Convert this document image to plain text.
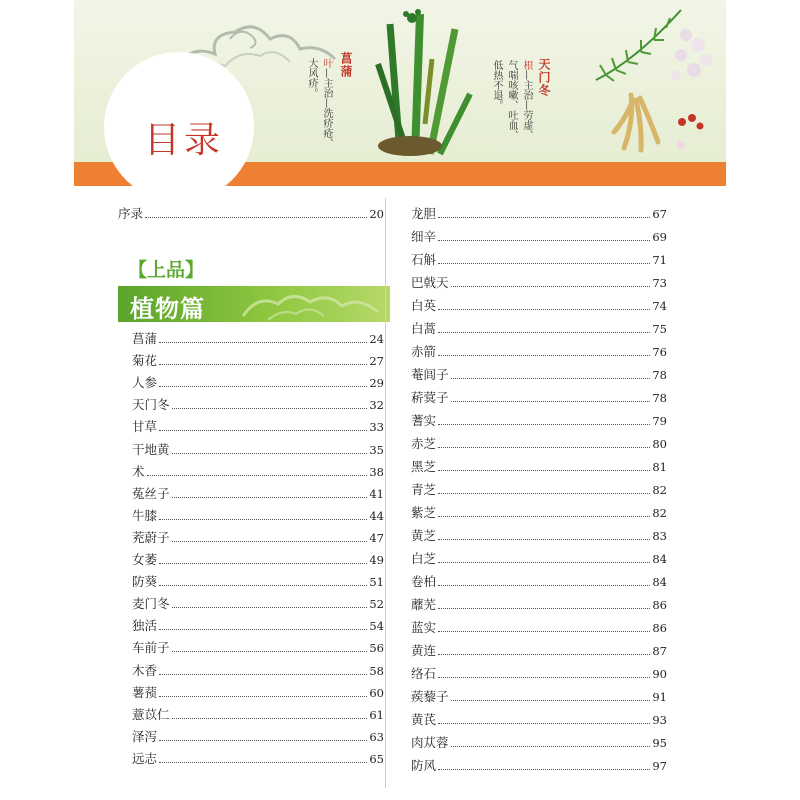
菖蒲
叶—主治—洗疥疮、
大风疥。	天门冬
根—主治—劳虚、
气喘咳嗽、吐血、
低热不退。
目录
序录	20
【上品】
植物篇
菖蒲	24
菊花	27
人参	29
天门冬	32
甘草	33
干地黄	35
术	38
菟丝子	41
牛膝	44
茺蔚子	47
女萎	49
防葵	51
麦门冬	52
独活	54
车前子	56
木香	58
薯蓣	60
薏苡仁	61
泽泻	63
远志	65
龙胆	67
细辛	69
石斛	71
巴戟天	73
白英	74
白蒿	75
赤箭	76
菴闾子	78
菥蓂子	78
蓍实	79
赤芝	80
黑芝	81
青芝	82
紫芝	82
黄芝	83
白芝	84
卷柏	84
蘼芜	86
蓝实	86
黄连	87
络石	90
蒺藜子	91
黄芪	93
肉苁蓉	95
防风	97
